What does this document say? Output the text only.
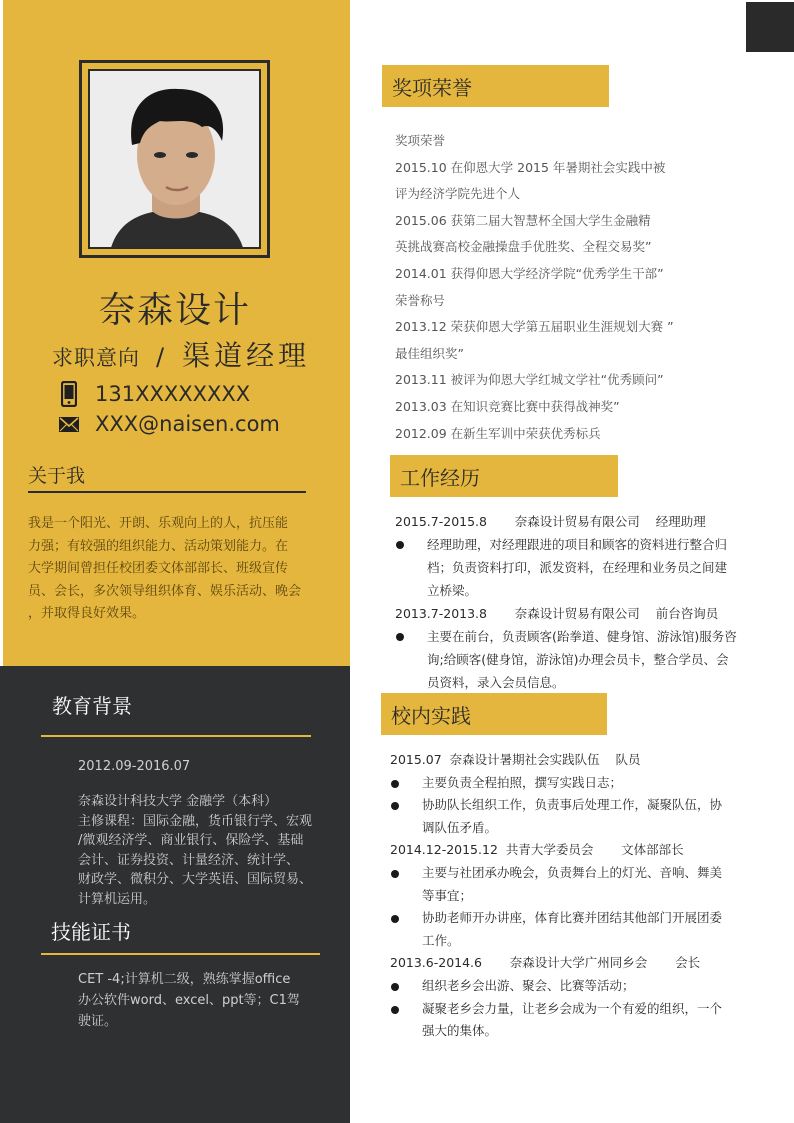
奈森设计
求职意向 / 渠道经理
131XXXXXXXX
XXX@naisen.com
关于我
我是一个阳光、开朗、乐观向上的人，抗压能
力强；有较强的组织能力、活动策划能力。在
大学期间曾担任校团委文体部部长、班级宣传
员、会长，多次领导组织体育、娱乐活动、晚会
，并取得良好效果。
教育背景
2012.09-2016.07
奈森设计科技大学 金融学（本科）
主修课程：国际金融，货币银行学、宏观
/微观经济学、商业银行、保险学、基础
会计、证券投资、计量经济、统计学、
财政学、微积分、大学英语、国际贸易、
计算机运用。
技能证书
CET -4;计算机二级，熟练掌握office
办公软件word、excel、ppt等；C1驾
驶证。
奖项荣誉
奖项荣誉
2015.10 在仰恩大学 2015 年暑期社会实践中被
评为经济学院先进个人
2015.06 获第二届大智慧杯全国大学生金融精
英挑战赛高校金融操盘手优胜奖、全程交易奖”
2014.01 获得仰恩大学经济学院“优秀学生干部”
荣誉称号
2013.12 荣获仰恩大学第五届职业生涯规划大赛 ”
最佳组织奖”
2013.11 被评为仰恩大学红城文学社“优秀顾问”
2013.03 在知识竞赛比赛中获得战神奖”
2012.09 在新生军训中荣获优秀标兵
工作经历
2015.7-2015.8       奈森设计贸易有限公司    经理助理
经理助理，对经理跟进的项目和顾客的资料进行整合归
档；负责资料打印，派发资料，在经理和业务员之间建
立桥梁。
2013.7-2013.8       奈森设计贸易有限公司    前台咨询员
主要在前台，负责顾客(跆拳道、健身馆、游泳馆)服务咨
询;给顾客(健身馆，游泳馆)办理会员卡，整合学员、会
员资料，录入会员信息。
校内实践
2015.07  奈森设计暑期社会实践队伍    队员
主要负责全程拍照，撰写实践日志；
协助队长组织工作，负责事后处理工作，凝聚队伍，协
调队伍矛盾。
2014.12-2015.12  共青大学委员会       文体部部长
主要与社团承办晚会，负责舞台上的灯光、音响、舞美
等事宜；
协助老师开办讲座，体育比赛并团结其他部门开展团委
工作。
2013.6-2014.6       奈森设计大学广州同乡会       会长
组织老乡会出游、聚会、比赛等活动；
凝聚老乡会力量，让老乡会成为一个有爱的组织，一个
强大的集体。
